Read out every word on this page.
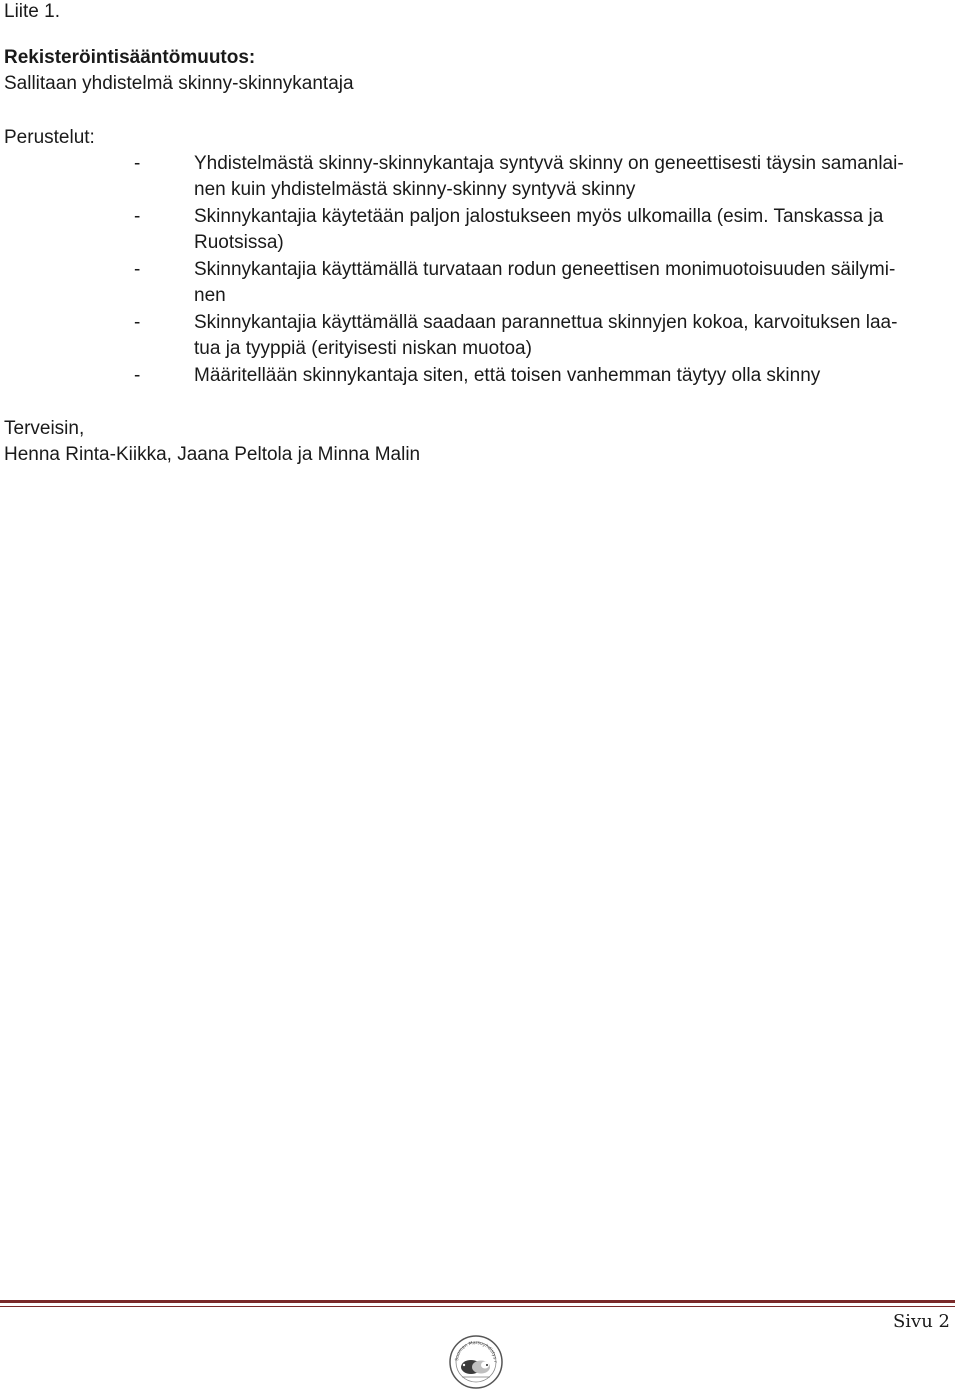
Liite 1.
Rekisteröintisääntömuutos:
Sallitaan yhdistelmä skinny-skinnykantaja
Perustelut:
-	Yhdistelmästä skinny-skinnykantaja syntyvä skinny on geneettisesti täysin samanlai-
nen kuin yhdistelmästä skinny-skinny syntyvä skinny
-	Skinnykantajia käytetään paljon jalostukseen myös ulkomailla (esim. Tanskassa ja
Ruotsissa)
-	Skinnykantajia käyttämällä turvataan rodun geneettisen monimuotoisuuden säilymi-
nen
-	Skinnykantajia käyttämällä saadaan parannettua skinnyjen kokoa, karvoituksen laa-
tua ja tyyppiä (erityisesti niskan muotoa)
-	Määritellään skinnykantaja siten, että toisen vanhemman täytyy olla skinny
Terveisin,
Henna Rinta-Kiikka, Jaana Peltola ja Minna Malin
Sivu 2
Suomen Marsuyhdistys r
